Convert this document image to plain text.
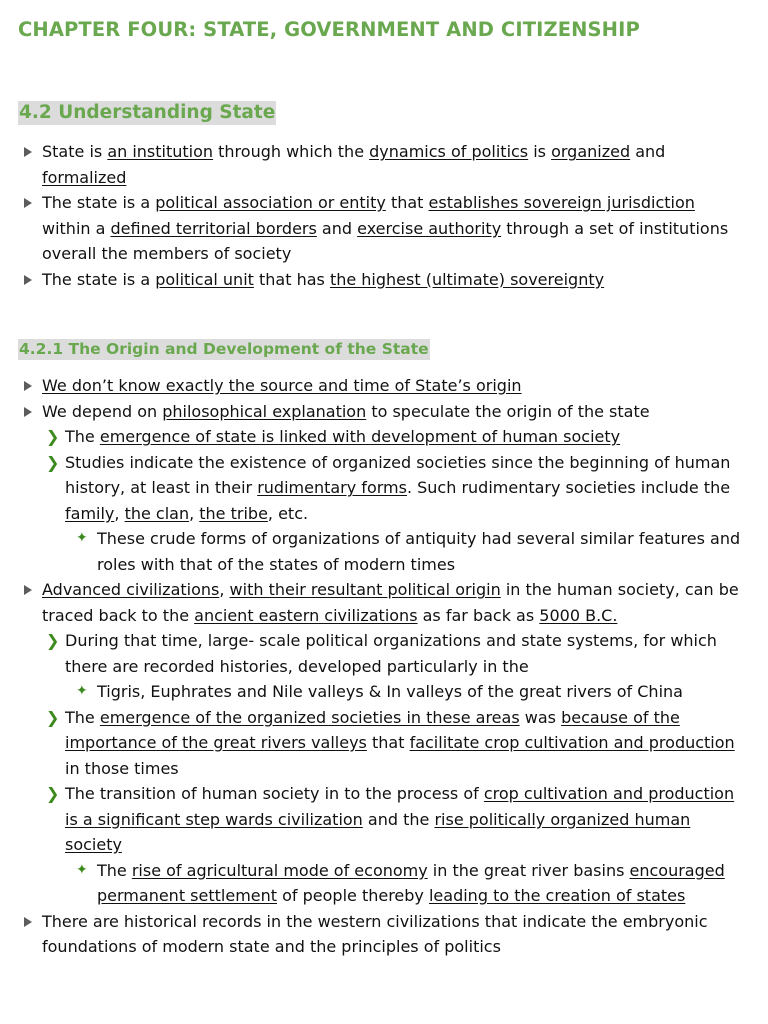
CHAPTER FOUR: STATE, GOVERNMENT AND CITIZENSHIP
4.2 Understanding State
State is an institution through which the dynamics of politics is organized and formalized
The state is a political association or entity that establishes sovereign jurisdiction within a defined territorial borders and exercise authority through a set of institutions overall the members of society
The state is a political unit that has the highest (ultimate) sovereignty
4.2.1 The Origin and Development of the State
We don’t know exactly the source and time of State’s origin
We depend on philosophical explanation to speculate the origin of the state
❯ The emergence of state is linked with development of human society
❯ Studies indicate the existence of organized societies since the beginning of human history, at least in their rudimentary forms. Such rudimentary societies include the family, the clan, the tribe, etc.
✦ These crude forms of organizations of antiquity had several similar features and roles with that of the states of modern times
Advanced civilizations, with their resultant political origin in the human society, can be traced back to the ancient eastern civilizations as far back as 5000 B.C.
❯ During that time, large- scale political organizations and state systems, for which there are recorded histories, developed particularly in the
✦ Tigris, Euphrates and Nile valleys & In valleys of the great rivers of China
❯ The emergence of the organized societies in these areas was because of the importance of the great rivers valleys that facilitate crop cultivation and production in those times
❯ The transition of human society in to the process of crop cultivation and production is a significant step wards civilization and the rise politically organized human society
✦ The rise of agricultural mode of economy in the great river basins encouraged permanent settlement of people thereby leading to the creation of states
There are historical records in the western civilizations that indicate the embryonic foundations of modern state and the principles of politics
